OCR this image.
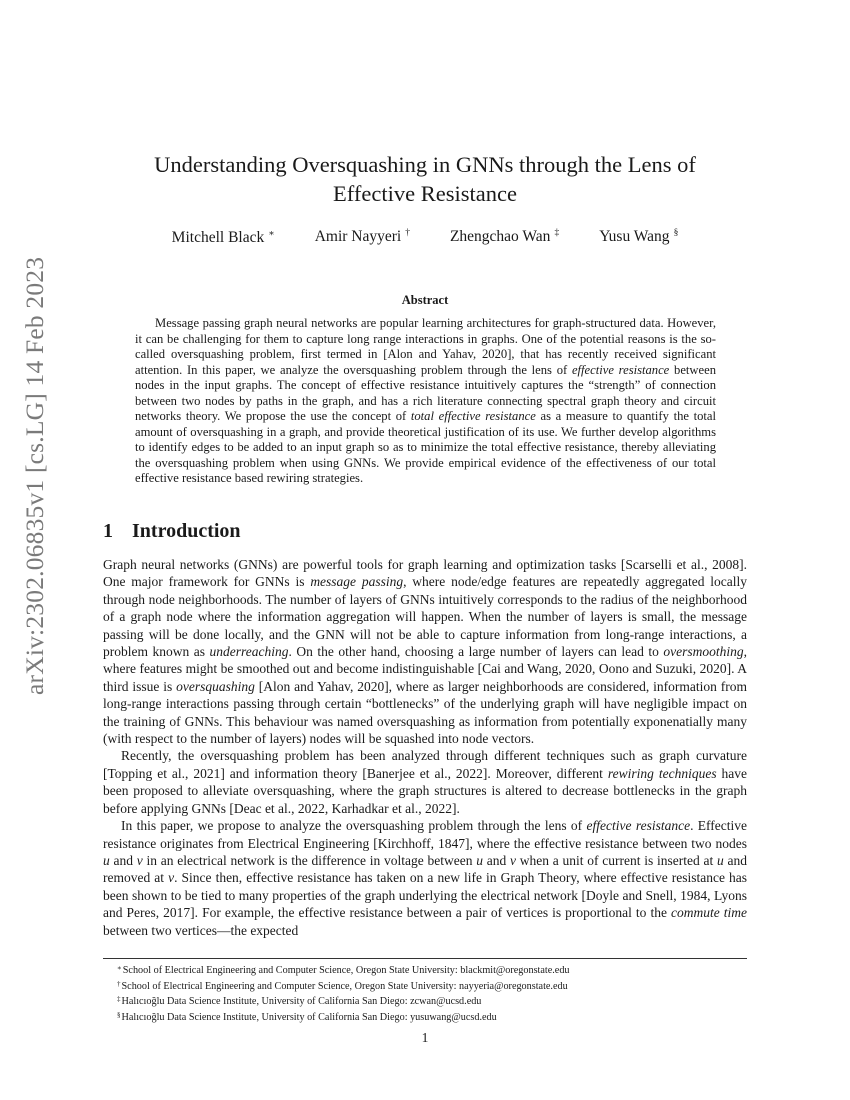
arXiv:2302.06835v1 [cs.LG] 14 Feb 2023
Understanding Oversquashing in GNNs through the Lens of Effective Resistance
Mitchell Black ∗	Amir Nayyeri †	Zhengchao Wan ‡	Yusu Wang §
Abstract

Message passing graph neural networks are popular learning architectures for graph-structured data. However, it can be challenging for them to capture long range interactions in graphs. One of the potential reasons is the so-called oversquashing problem, first termed in [Alon and Yahav, 2020], that has recently received significant attention. In this paper, we analyze the oversquashing problem through the lens of effective resistance between nodes in the input graphs. The concept of effective resistance intuitively captures the “strength” of connection between two nodes by paths in the graph, and has a rich literature connecting spectral graph theory and circuit networks theory. We propose the use the concept of total effective resistance as a measure to quantify the total amount of oversquashing in a graph, and provide theoretical justification of its use. We further develop algorithms to identify edges to be added to an input graph so as to minimize the total effective resistance, thereby alleviating the oversquashing problem when using GNNs. We provide empirical evidence of the effectiveness of our total effective resistance based rewiring strategies.

1 Introduction

Graph neural networks (GNNs) are powerful tools for graph learning and optimization tasks [Scarselli et al., 2008]. One major framework for GNNs is message passing, where node/edge features are repeatedly aggregated locally through node neighborhoods. The number of layers of GNNs intuitively corresponds to the radius of the neighborhood of a graph node where the information aggregation will happen. When the number of layers is small, the message passing will be done locally, and the GNN will not be able to capture information from long-range interactions, a problem known as underreaching. On the other hand, choosing a large number of layers can lead to oversmoothing, where features might be smoothed out and become indistinguishable [Cai and Wang, 2020, Oono and Suzuki, 2020]. A third issue is oversquashing [Alon and Yahav, 2020], where as larger neighborhoods are considered, information from long-range interactions passing through certain “bottlenecks” of the underlying graph will have negligible impact on the training of GNNs. This behaviour was named oversquashing as information from potentially exponenatially many (with respect to the number of layers) nodes will be squashed into node vectors.

Recently, the oversquashing problem has been analyzed through different techniques such as graph curvature [Topping et al., 2021] and information theory [Banerjee et al., 2022]. Moreover, different rewiring techniques have been proposed to alleviate oversquashing, where the graph structures is altered to decrease bottlenecks in the graph before applying GNNs [Deac et al., 2022, Karhadkar et al., 2022].

In this paper, we propose to analyze the oversquashing problem through the lens of effective resistance. Effective resistance originates from Electrical Engineering [Kirchhoff, 1847], where the effective resistance between two nodes u and v in an electrical network is the difference in voltage between u and v when a unit of current is inserted at u and removed at v. Since then, effective resistance has taken on a new life in Graph Theory, where effective resistance has been shown to be tied to many properties of the graph underlying the electrical network [Doyle and Snell, 1984, Lyons and Peres, 2017]. For example, the effective resistance between a pair of vertices is proportional to the commute time between two vertices—the expected

∗School of Electrical Engineering and Computer Science, Oregon State University: blackmit@oregonstate.edu
†School of Electrical Engineering and Computer Science, Oregon State University: nayyeria@oregonstate.edu
‡Halıcıoğlu Data Science Institute, University of California San Diego: zcwan@ucsd.edu
§Halıcıoğlu Data Science Institute, University of California San Diego: yusuwang@ucsd.edu
1
